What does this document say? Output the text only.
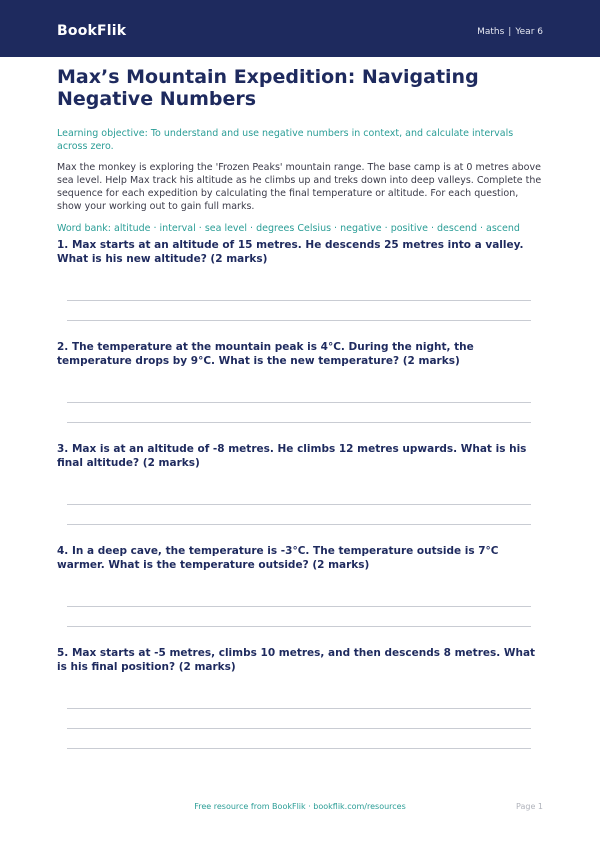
BookFlik	Maths | Year 6
Max’s Mountain Expedition: Navigating Negative Numbers
Learning objective: To understand and use negative numbers in context, and calculate intervals across zero.
Max the monkey is exploring the 'Frozen Peaks' mountain range. The base camp is at 0 metres above sea level. Help Max track his altitude as he climbs up and treks down into deep valleys. Complete the sequence for each expedition by calculating the final temperature or altitude. For each question, show your working out to gain full marks.
Word bank: altitude · interval · sea level · degrees Celsius · negative · positive · descend · ascend
1. Max starts at an altitude of 15 metres. He descends 25 metres into a valley. What is his new altitude? (2 marks)
2. The temperature at the mountain peak is 4°C. During the night, the temperature drops by 9°C. What is the new temperature? (2 marks)
3. Max is at an altitude of -8 metres. He climbs 12 metres upwards. What is his final altitude? (2 marks)
4. In a deep cave, the temperature is -3°C. The temperature outside is 7°C warmer. What is the temperature outside? (2 marks)
5. Max starts at -5 metres, climbs 10 metres, and then descends 8 metres. What is his final position? (2 marks)
Free resource from BookFlik · bookflik.com/resources	Page 1
